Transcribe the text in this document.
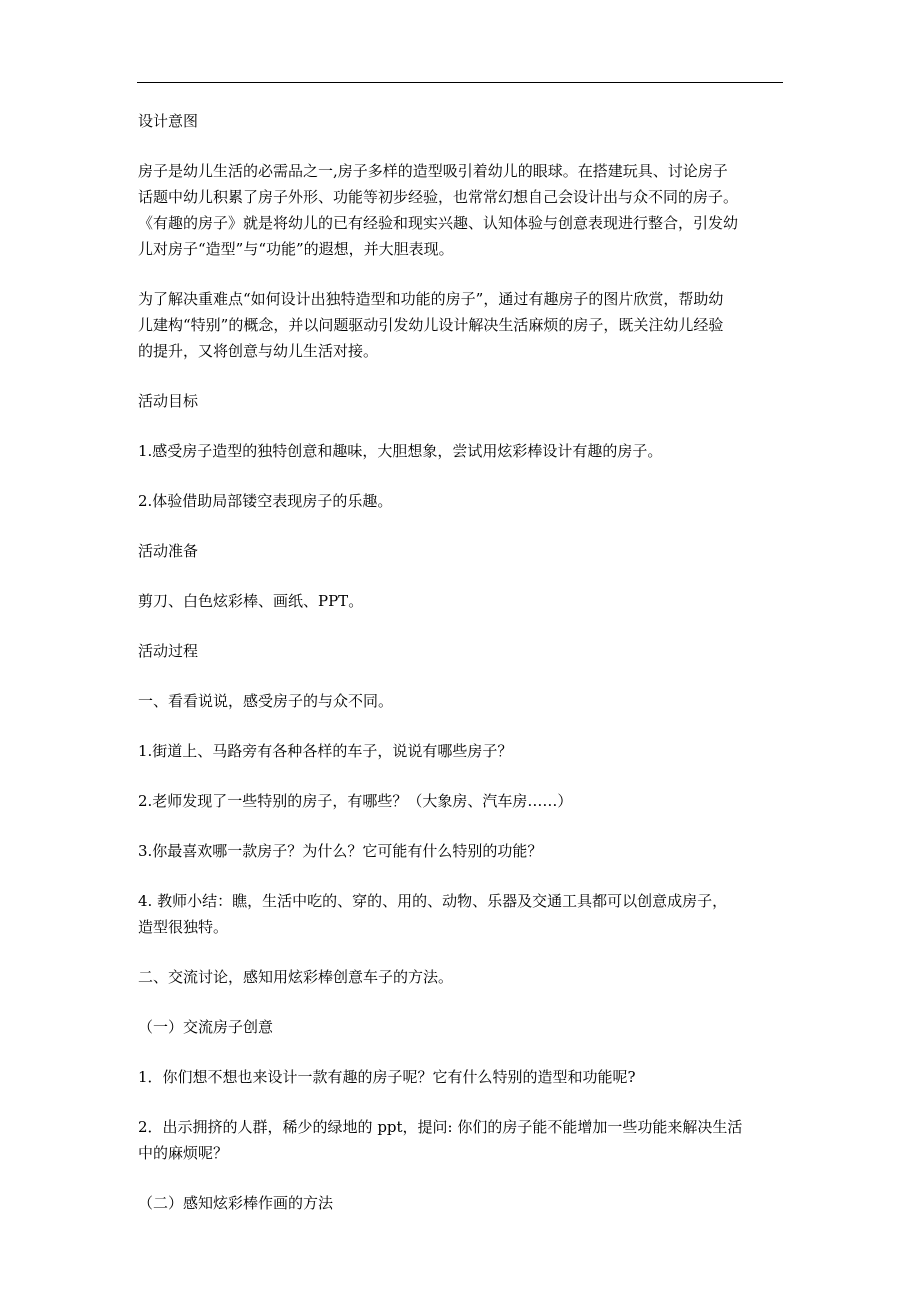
设计意图

房子是幼儿生活的必需品之一,房子多样的造型吸引着幼儿的眼球。在搭建玩具、讨论房子
话题中幼儿积累了房子外形、功能等初步经验，也常常幻想自己会设计出与众不同的房子。
《有趣的房子》就是将幼儿的已有经验和现实兴趣、认知体验与创意表现进行整合，引发幼
儿对房子“造型”与“功能”的遐想，并大胆表现。

为了解决重难点“如何设计出独特造型和功能的房子”，通过有趣房子的图片欣赏，帮助幼
儿建构“特别”的概念，并以问题驱动引发幼儿设计解决生活麻烦的房子，既关注幼儿经验
的提升，又将创意与幼儿生活对接。

活动目标

1.感受房子造型的独特创意和趣味，大胆想象，尝试用炫彩棒设计有趣的房子。

2.体验借助局部镂空表现房子的乐趣。

活动准备

剪刀、白色炫彩棒、画纸、PPT。

活动过程

一、看看说说，感受房子的与众不同。

1.街道上、马路旁有各种各样的车子，说说有哪些房子？

2.老师发现了一些特别的房子，有哪些？（大象房、汽车房……）

3.你最喜欢哪一款房子？为什么？它可能有什么特别的功能？

4. 教师小结：瞧，生活中吃的、穿的、用的、动物、乐器及交通工具都可以创意成房子，
造型很独特。

二、交流讨论，感知用炫彩棒创意车子的方法。

（一）交流房子创意

1．你们想不想也来设计一款有趣的房子呢？它有什么特别的造型和功能呢?

2．出示拥挤的人群，稀少的绿地的 ppt，提问: 你们的房子能不能增加一些功能来解决生活
中的麻烦呢？

（二）感知炫彩棒作画的方法
